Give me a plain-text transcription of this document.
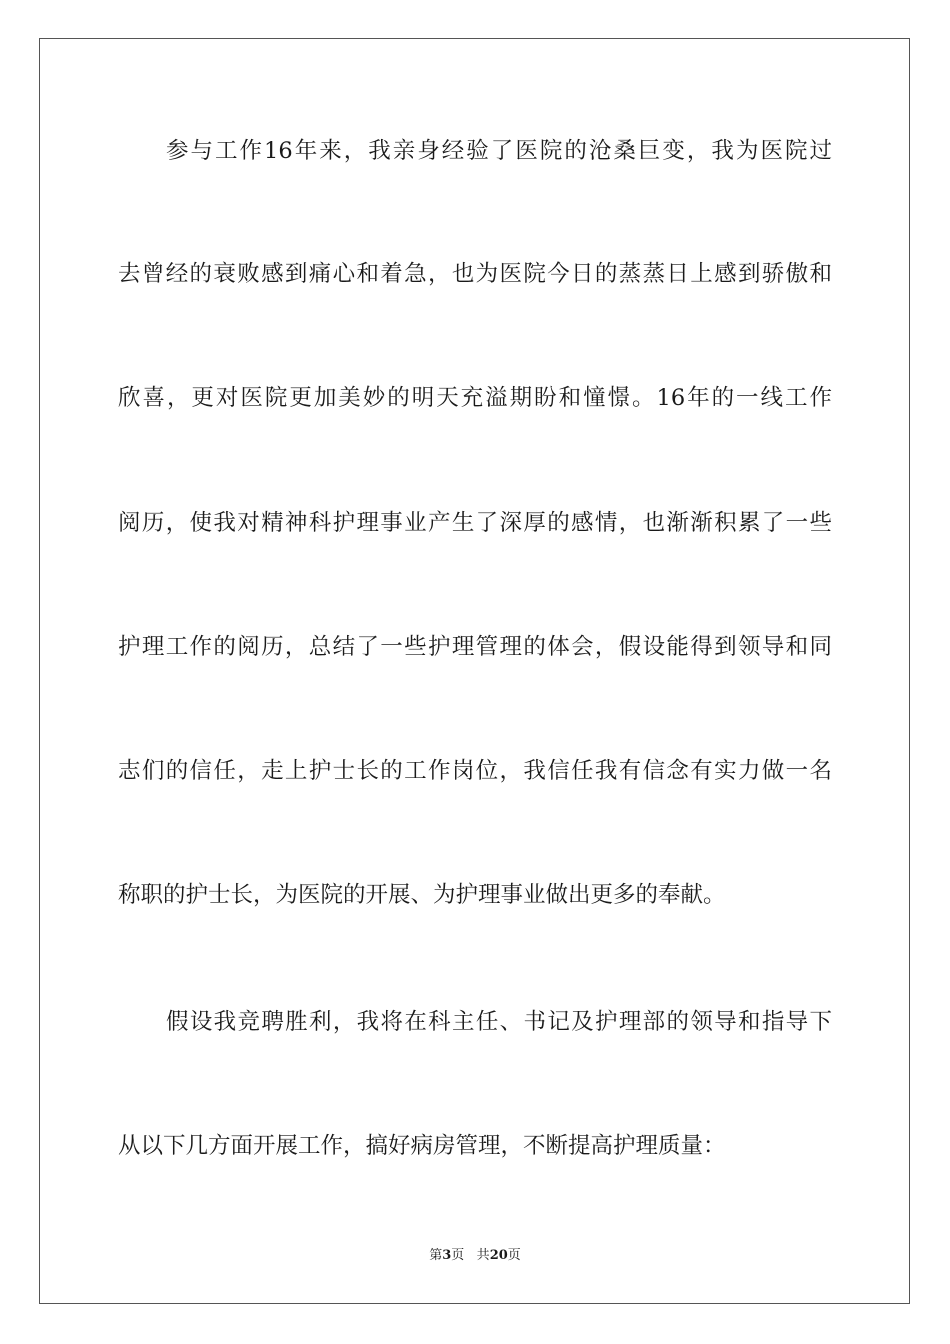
参与工作16年来，我亲身经验了医院的沧桑巨变，我为医院过
去曾经的衰败感到痛心和着急，也为医院今日的蒸蒸日上感到骄傲和
欣喜，更对医院更加美妙的明天充溢期盼和憧憬。16年的一线工作
阅历，使我对精神科护理事业产生了深厚的感情，也渐渐积累了一些
护理工作的阅历，总结了一些护理管理的体会，假设能得到领导和同
志们的信任，走上护士长的工作岗位，我信任我有信念有实力做一名
称职的护士长，为医院的开展、为护理事业做出更多的奉献。
假设我竞聘胜利，我将在科主任、书记及护理部的领导和指导下
从以下几方面开展工作，搞好病房管理，不断提高护理质量：
第3页 共20页
